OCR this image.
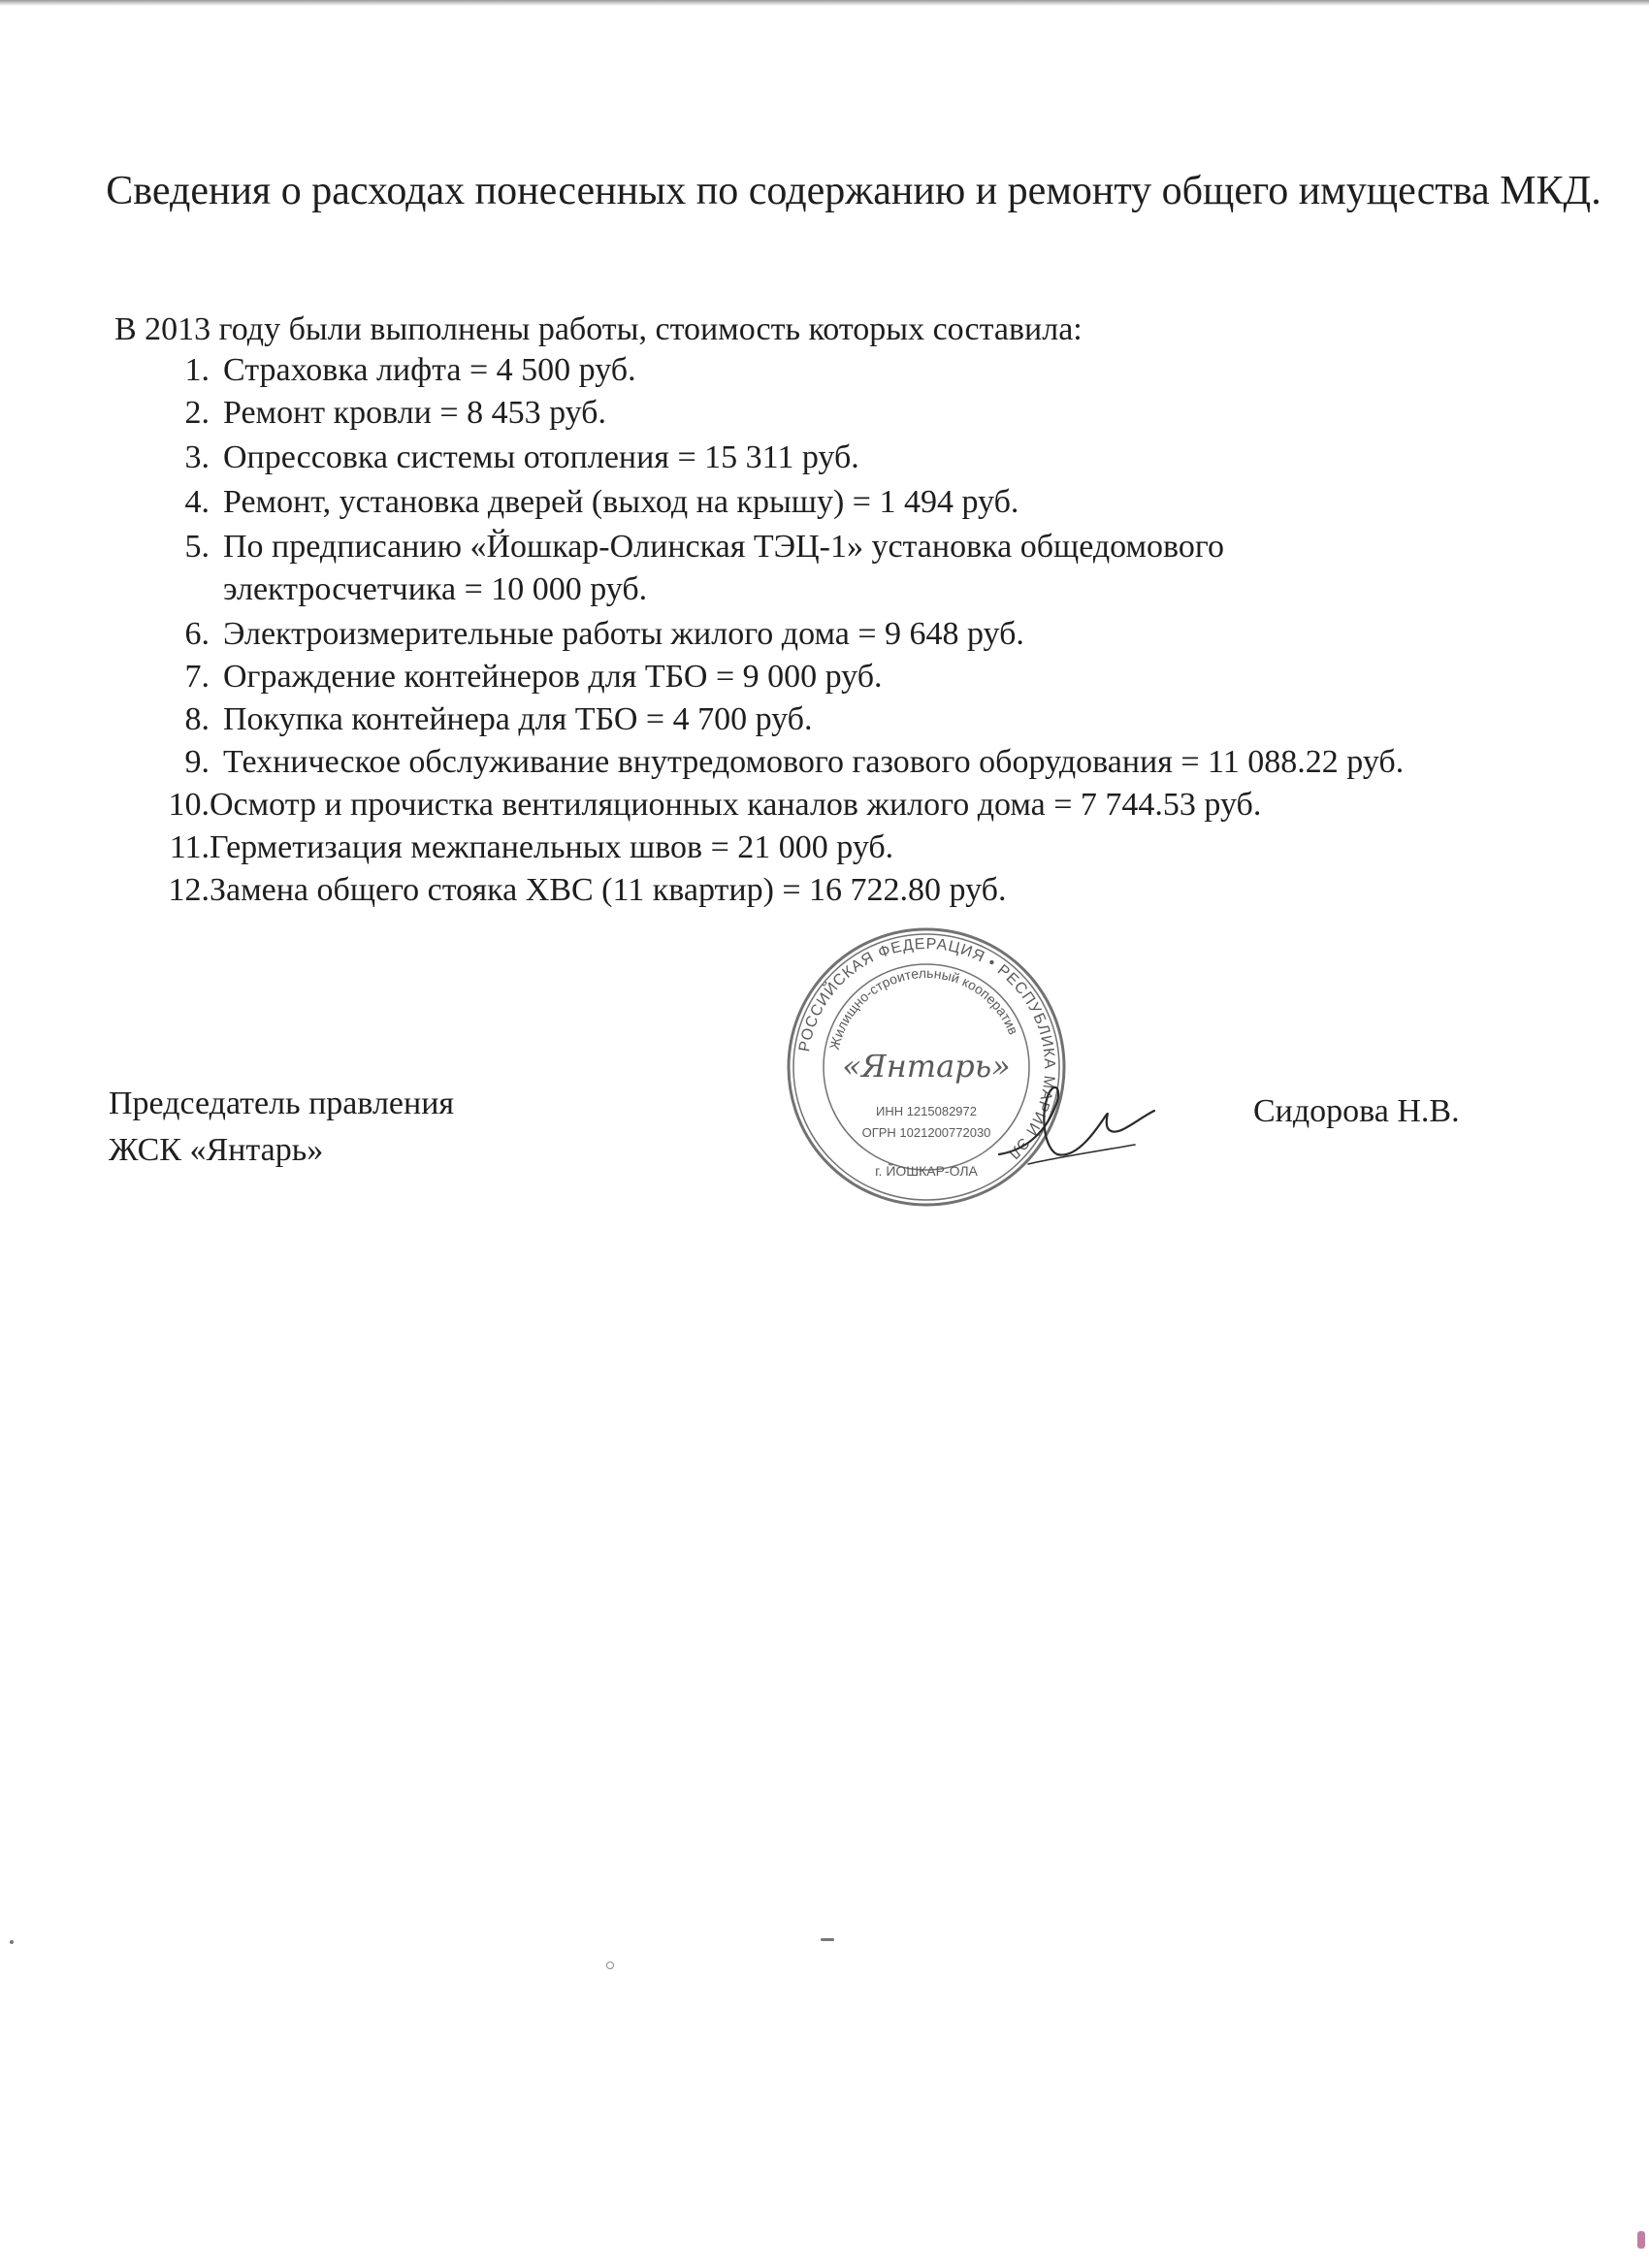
Сведения о расходах понесенных по содержанию и ремонту общего имущества МКД.
В 2013 году были выполнены работы, стоимость которых составила:
1. Страховка лифта = 4 500 руб.
2. Ремонт кровли = 8 453 руб.
3. Опрессовка системы отопления = 15 311 руб.
4. Ремонт, установка дверей (выход на крышу) = 1 494 руб.
5. По предписанию «Йошкар-Олинская ТЭЦ-1» установка общедомового электросчетчика = 10 000 руб.
6. Электроизмерительные работы жилого дома = 9 648 руб.
7. Ограждение контейнеров для ТБО = 9 000 руб.
8. Покупка контейнера для ТБО = 4 700 руб.
9. Техническое обслуживание внутредомового газового оборудования = 11 088.22 руб.
10. Осмотр и прочистка вентиляционных каналов жилого дома = 7 744.53 руб.
11. Герметизация межпанельных швов = 21 000 руб.
12. Замена общего стояка ХВС (11 квартир) = 16 722.80 руб.
Председатель правления
ЖСК «Янтарь»
РОССИЙСКАЯ ФЕДЕРАЦИЯ • РЕСПУБЛИКА МАРИЙ ЭЛ
Жилищно-строительный кооператив
«Янтарь»
ИНН 1215082972
ОГРН 1021200772030
г. ЙОШКАР-ОЛА
Сидорова Н.В.
